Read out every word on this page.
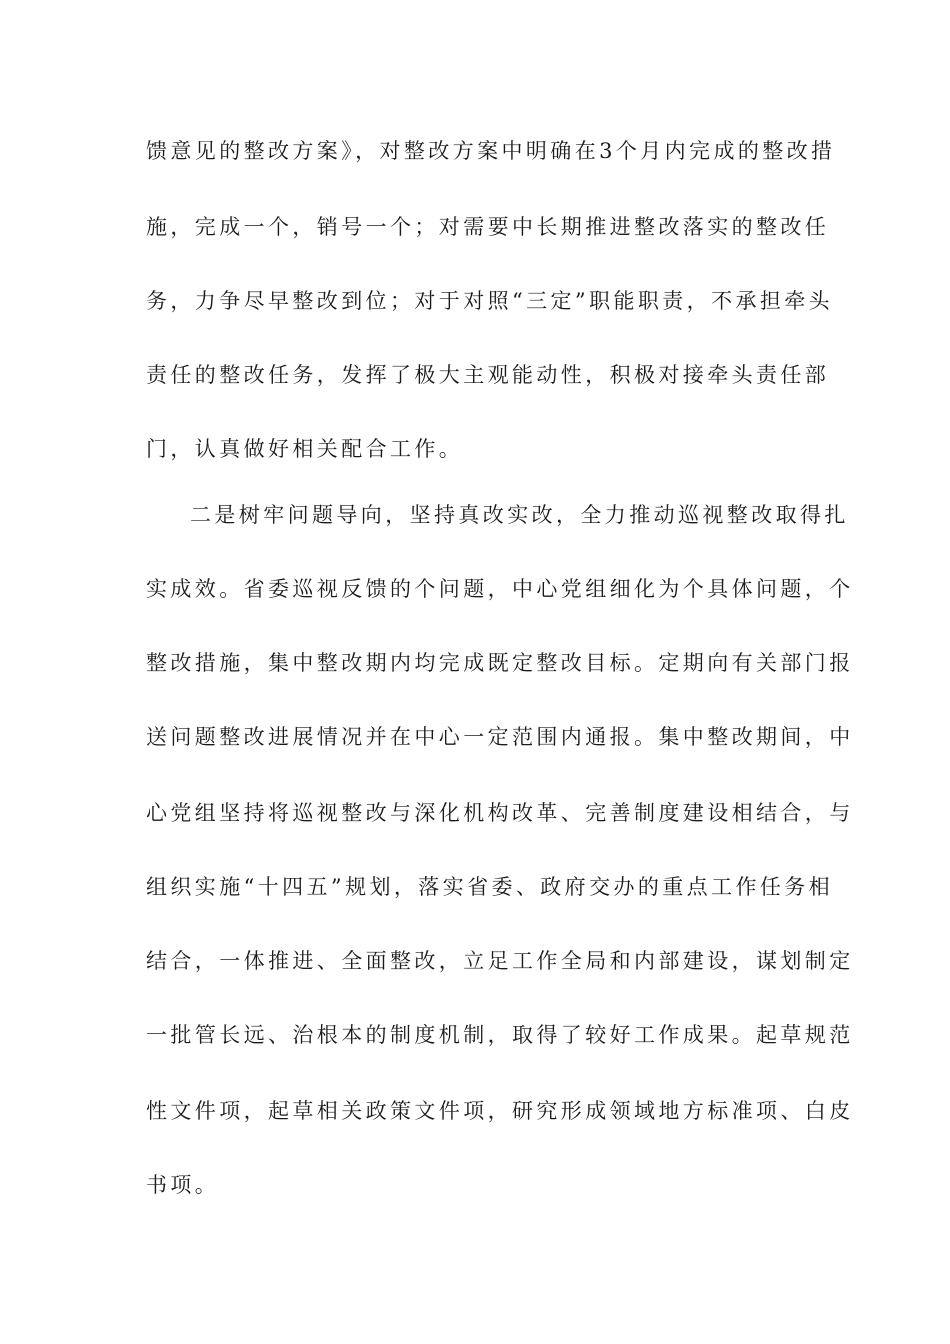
馈意见的整改方案》，对整改方案中明确在3个月内完成的整改措
施，完成一个，销号一个；对需要中长期推进整改落实的整改任
务，力争尽早整改到位；对于对照“三定”职能职责，不承担牵头
责任的整改任务，发挥了极大主观能动性，积极对接牵头责任部
门，认真做好相关配合工作。
二是树牢问题导向，坚持真改实改，全力推动巡视整改取得扎
实成效。省委巡视反馈的个问题，中心党组细化为个具体问题，个
整改措施，集中整改期内均完成既定整改目标。定期向有关部门报
送问题整改进展情况并在中心一定范围内通报。集中整改期间，中
心党组坚持将巡视整改与深化机构改革、完善制度建设相结合，与
组织实施“十四五”规划，落实省委、政府交办的重点工作任务相
结合，一体推进、全面整改，立足工作全局和内部建设，谋划制定
一批管长远、治根本的制度机制，取得了较好工作成果。起草规范
性文件项，起草相关政策文件项，研究形成领域地方标准项、白皮
书项。
